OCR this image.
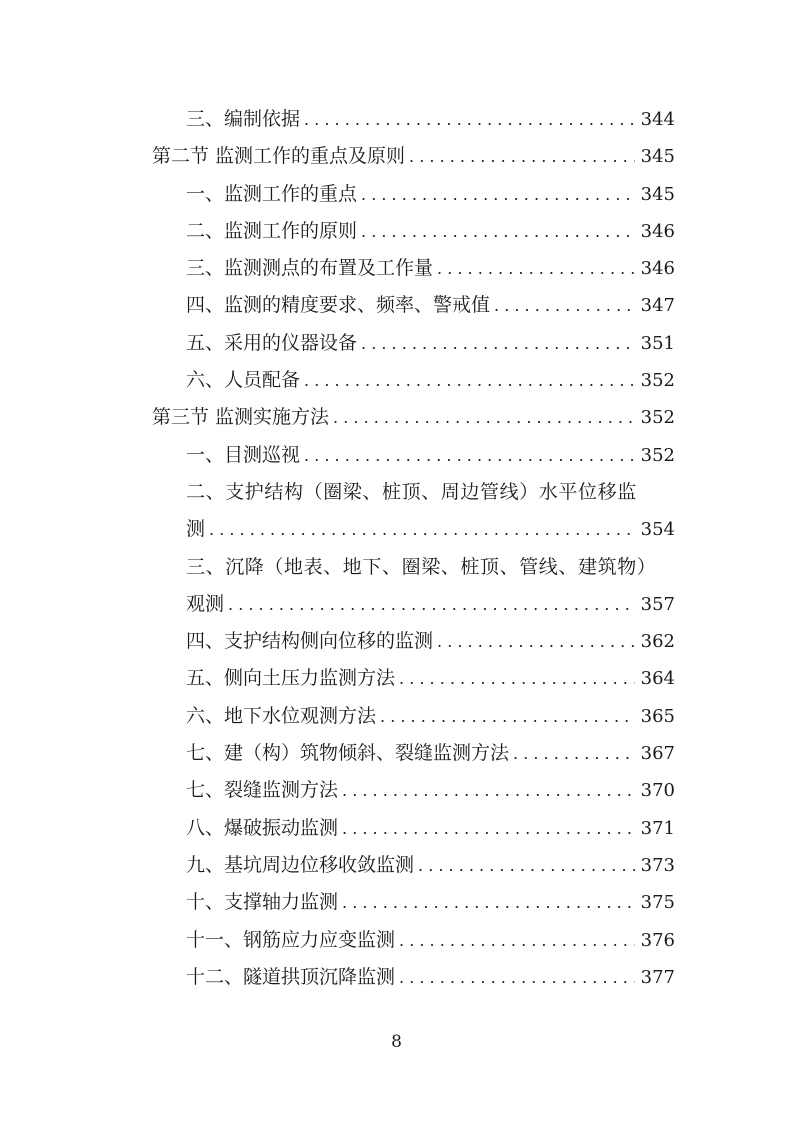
三、编制依据 . . .	344
第二节 监测工作的重点及原则 . . .	345
一、监测工作的重点 . . .	345
二、监测工作的原则 . . .	346
三、监测测点的布置及工作量 . . .	346
四、监测的精度要求、频率、警戒值 . . .	347
五、采用的仪器设备 . . .	351
六、人员配备 . . .	352
第三节 监测实施方法 . . .	352
一、目测巡视 . . .	352
二、支护结构（圈梁、桩顶、周边管线）水平位移监
测 . . .	354
三、沉降（地表、地下、圈梁、桩顶、管线、建筑物）
观测 . . .	357
四、支护结构侧向位移的监测 . . .	362
五、侧向土压力监测方法 . . .	364
六、地下水位观测方法 . . .	365
七、建（构）筑物倾斜、裂缝监测方法 . . .	367
七、裂缝监测方法 . . .	370
八、爆破振动监测 . . .	371
九、基坑周边位移收敛监测 . . .	373
十、支撑轴力监测 . . .	375
十一、钢筋应力应变监测 . . .	376
十二、隧道拱顶沉降监测 . . .	377
8
